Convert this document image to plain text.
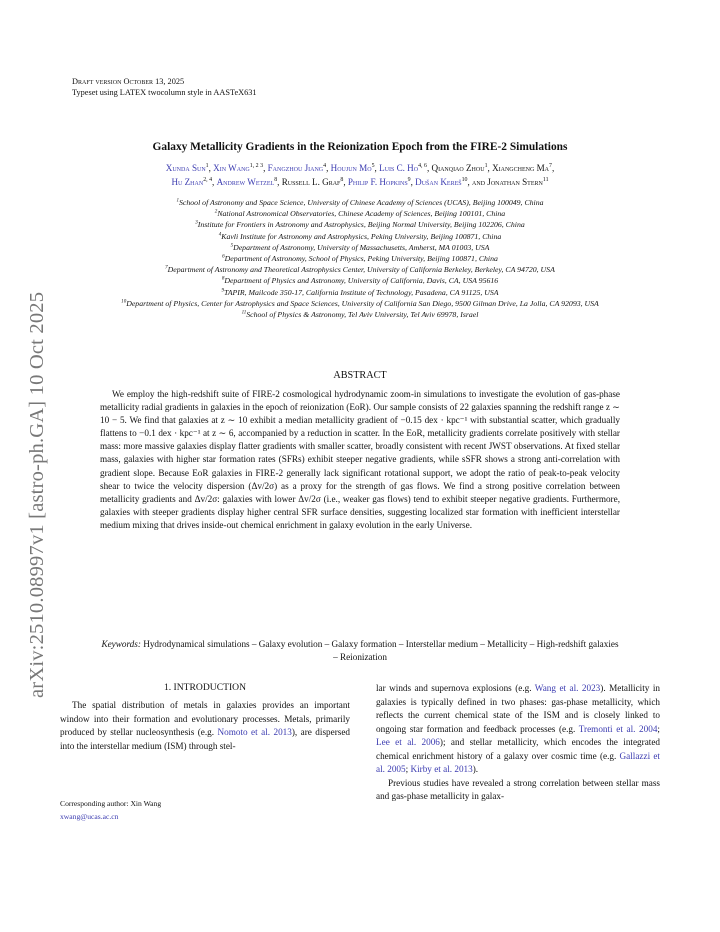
Draft version October 13, 2025
Typeset using LATEX twocolumn style in AASTeX631
arXiv:2510.08997v1 [astro-ph.GA] 10 Oct 2025
Galaxy Metallicity Gradients in the Reionization Epoch from the FIRE-2 Simulations
Xunda Sun$^1$, Xin Wang$^{1, 2 3}$, Fangzhou Jiang$^4$, Houjun Mo$^5$, Luis C. Ho$^{4, 6}$, Qianqiao Zhou$^1$, Xiangcheng Ma$^7$,
Hu Zhan$^{2, 4}$, Andrew Wetzel$^8$, Russell L. Graf$^8$, Philip F. Hopkins$^9$, Dušan Kereš$^{10}$, and Jonathan Stern$^{11}$
$^1$School of Astronomy and Space Science, University of Chinese Academy of Sciences (UCAS), Beijing 100049, China
$^2$National Astronomical Observatories, Chinese Academy of Sciences, Beijing 100101, China
$^3$Institute for Frontiers in Astronomy and Astrophysics, Beijing Normal University, Beijing 102206, China
$^4$Kavli Institute for Astronomy and Astrophysics, Peking University, Beijing 100871, China
$^5$Department of Astronomy, University of Massachusetts, Amherst, MA 01003, USA
$^6$Department of Astronomy, School of Physics, Peking University, Beijing 100871, China
$^7$Department of Astronomy and Theoretical Astrophysics Center, University of California Berkeley, Berkeley, CA 94720, USA
$^8$Department of Physics and Astronomy, University of California, Davis, CA, USA 95616
$^9$TAPIR, Mailcode 350-17, California Institute of Technology, Pasadena, CA 91125, USA
$^{10}$Department of Physics, Center for Astrophysics and Space Sciences, University of California San Diego, 9500 Gilman Drive, La Jolla, CA 92093, USA
$^{11}$School of Physics & Astronomy, Tel Aviv University, Tel Aviv 69978, Israel
ABSTRACT
We employ the high-redshift suite of FIRE-2 cosmological hydrodynamic zoom-in simulations to investigate the evolution of gas-phase metallicity radial gradients in galaxies in the epoch of reionization (EoR). Our sample consists of 22 galaxies spanning the redshift range z ∼ 10 − 5. We find that galaxies at z ∼ 10 exhibit a median metallicity gradient of −0.15 dex · kpc⁻¹ with substantial scatter, which gradually flattens to −0.1 dex · kpc⁻¹ at z ∼ 6, accompanied by a reduction in scatter. In the EoR, metallicity gradients correlate positively with stellar mass: more massive galaxies display flatter gradients with smaller scatter, broadly consistent with recent JWST observations. At fixed stellar mass, galaxies with higher star formation rates (SFRs) exhibit steeper negative gradients, while sSFR shows a strong anti-correlation with gradient slope. Because EoR galaxies in FIRE-2 generally lack significant rotational support, we adopt the ratio of peak-to-peak velocity shear to twice the velocity dispersion (Δv/2σ) as a proxy for the strength of gas flows. We find a strong positive correlation between metallicity gradients and Δv/2σ: galaxies with lower Δv/2σ (i.e., weaker gas flows) tend to exhibit steeper negative gradients. Furthermore, galaxies with steeper gradients display higher central SFR surface densities, suggesting localized star formation with inefficient interstellar medium mixing that drives inside-out chemical enrichment in galaxy evolution in the early Universe.
Keywords: Hydrodynamical simulations – Galaxy evolution – Galaxy formation – Interstellar medium – Metallicity – High-redshift galaxies – Reionization
1. INTRODUCTION
The spatial distribution of metals in galaxies provides an important window into their formation and evolutionary processes. Metals, primarily produced by stellar nucleosynthesis (e.g. Nomoto et al. 2013), are dispersed into the interstellar medium (ISM) through stel-
Corresponding author: Xin Wang
xwang@ucas.ac.cn

lar winds and supernova explosions (e.g. Wang et al. 2023). Metallicity in galaxies is typically defined in two phases: gas-phase metallicity, which reflects the current chemical state of the ISM and is closely linked to ongoing star formation and feedback processes (e.g. Tremonti et al. 2004; Lee et al. 2006); and stellar metallicity, which encodes the integrated chemical enrichment history of a galaxy over cosmic time (e.g. Gallazzi et al. 2005; Kirby et al. 2013).

Previous studies have revealed a strong correlation between stellar mass and gas-phase metallicity in galax-
